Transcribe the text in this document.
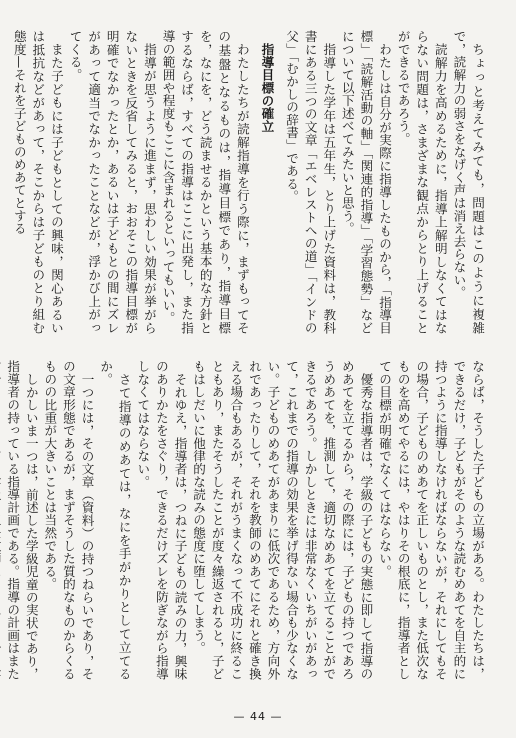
ちょっと考えてみても，問題はこのように複雑で，読解力の弱さをなげく声は消え去らない。

読解力を高めるために，指導上解明しなくてはならない問題は，さまざまな観点からとり上げることができるであろう。

わたしは自分が実際に指導したものから，「指導目標」「読解活動の軸」「関連的指導」「学習態勢」などについて以下述べてみたいと思う。

指導した学年は五年生，とり上げた資料は，教科書にある三つの文章「エベレストへの道」「インドの父」「むかしの辞書」である。

指導目標の確立

わたしたちが読解指導を行う際に，まずもってその基盤となるものは，指導目標であり，指導目標を，なにを，どう読ませるかという基本的な方針とするならば，すべての指導はここに出発し，また指導の範囲や程度もここに含まれるといってもいい。

指導が思うように進まず，思わしい効果が挙がらないときを反省してみると，おおそこの指導目標が明確でなかったとか，あるいは子どもとの間にズレがあって適当でなかったことなどが，浮かび上がってくる。

また子どもには子どもとしての興味，関心あるいは抵抗などがあって，そこからは子どものとり組む態度—それを子どものめあてとする

ならば，そうした子どもの立場がある。わたしたちは，できるだけ，子どもがそのような読むめあてを自主的に持つように指導しなければならないが，それにしてもその場合，子どものめあてを正しいものとし，また低次なものを高めてやるには，やはりその根底に，指導者としての目標が明確でなくてはならない。

優秀な指導者は，学級の子どもの実態に即して指導のめあてを立てるから，その際には，子どもの持つであろうめあてを，推測して，適切なめあてを立てることができるであろう。しかしときには非常なくいちがいがあって，これまでの指導の効果を挙げ得ない場合も少なくない。子どものめあてがあまりに低次であるため，方向外れであったりして，それを教師のめあてにそれと確き換える場合もあるが，それがうまくなって不成功に終ることもあり，またそうしたことが度々繰返されると，子どもはしだいに他律的な読みの態度に堕してしまう。

それゆえ，指導者は，つねに子どもの読みの力，興味のありかたをさぐり，できるだけズレを防ぎながら指導しなくてはならない。

さて指導のめあては，なにを手がかりとして立てるか。

一つには，その文章（資料）の持つねらいであり，その文章形態であるが，まずそうした質的なものからくるものの比重が大きいことは当然である。

しかしいま一つは，前述した学級児童の実状であり，指導者の持っている指導計画である。指導の計画はまた

— 44 —
